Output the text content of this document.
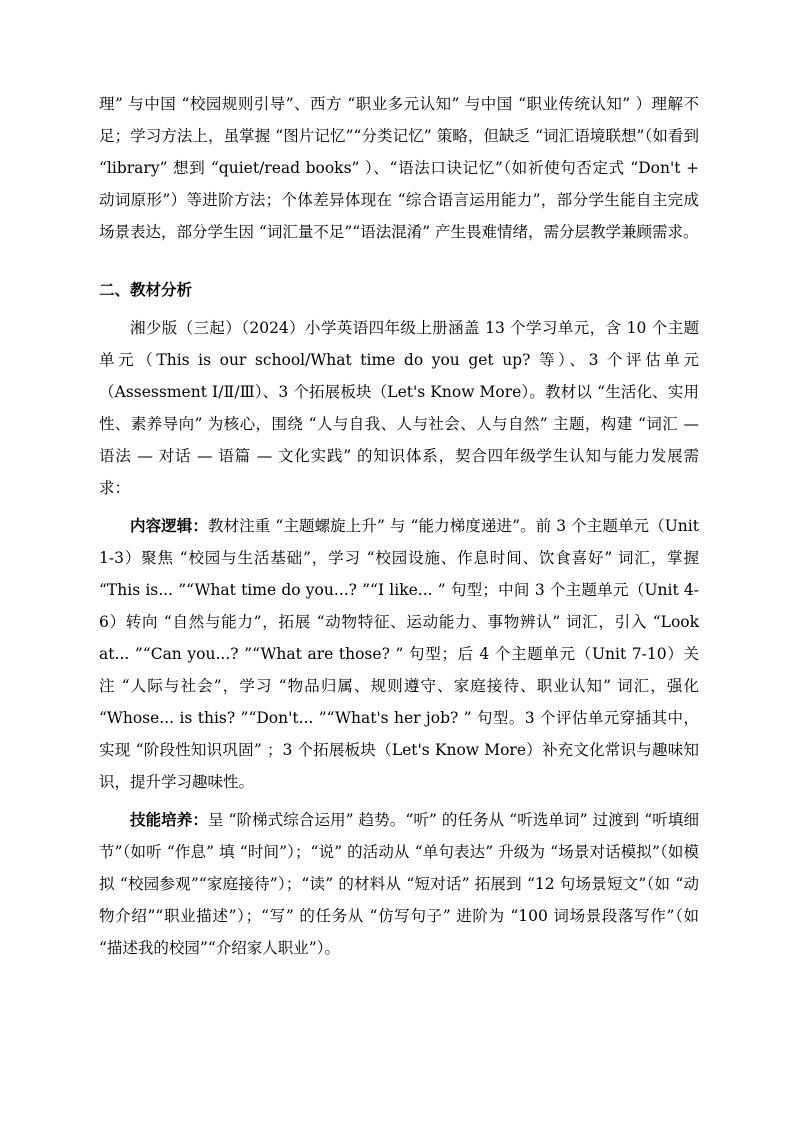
理” 与中国 “校园规则引导”、西方 “职业多元认知” 与中国 “职业传统认知” ）理解不足；学习方法上，虽掌握 “图片记忆”“分类记忆” 策略，但缺乏 “词汇语境联想”（如看到 “library” 想到 “quiet/read books” ）、“语法口诀记忆”（如祈使句否定式 “Don't + 动词原形”）等进阶方法；个体差异体现在 “综合语言运用能力”，部分学生能自主完成场景表达，部分学生因 “词汇量不足”“语法混淆” 产生畏难情绪，需分层教学兼顾需求。

二、教材分析

湘少版（三起）（2024）小学英语四年级上册涵盖 13 个学习单元，含 10 个主题单元（This is our school/What time do you get up? 等）、3 个评估单元（Assessment Ⅰ/Ⅱ/Ⅲ）、3 个拓展板块（Let's Know More）。教材以 “生活化、实用性、素养导向” 为核心，围绕 “人与自我、人与社会、人与自然” 主题，构建 “词汇 — 语法 — 对话 — 语篇 — 文化实践” 的知识体系，契合四年级学生认知与能力发展需求：

内容逻辑：教材注重 “主题螺旋上升” 与 “能力梯度递进”。前 3 个主题单元（Unit 1-3）聚焦 “校园与生活基础”，学习 “校园设施、作息时间、饮食喜好” 词汇，掌握 “This is... ”“What time do you...? ”“I like... ” 句型；中间 3 个主题单元（Unit 4-6）转向 “自然与能力”，拓展 “动物特征、运动能力、事物辨认” 词汇，引入 “Look at... ”“Can you...? ”“What are those? ” 句型；后 4 个主题单元（Unit 7-10）关注 “人际与社会”，学习 “物品归属、规则遵守、家庭接待、职业认知” 词汇，强化 “Whose... is this? ”“Don't... ”“What's her job? ” 句型。3 个评估单元穿插其中，实现 “阶段性知识巩固” ；3 个拓展板块（Let's Know More）补充文化常识与趣味知识，提升学习趣味性。

技能培养：呈 “阶梯式综合运用” 趋势。“听” 的任务从 “听选单词” 过渡到 “听填细节”（如听 “作息” 填 “时间”）；“说” 的活动从 “单句表达” 升级为 “场景对话模拟”（如模拟 “校园参观”“家庭接待”）；“读” 的材料从 “短对话” 拓展到 “12 句场景短文”（如 “动物介绍”“职业描述”）；“写” 的任务从 “仿写句子” 进阶为 “100 词场景段落写作”（如 “描述我的校园”“介绍家人职业”）。
